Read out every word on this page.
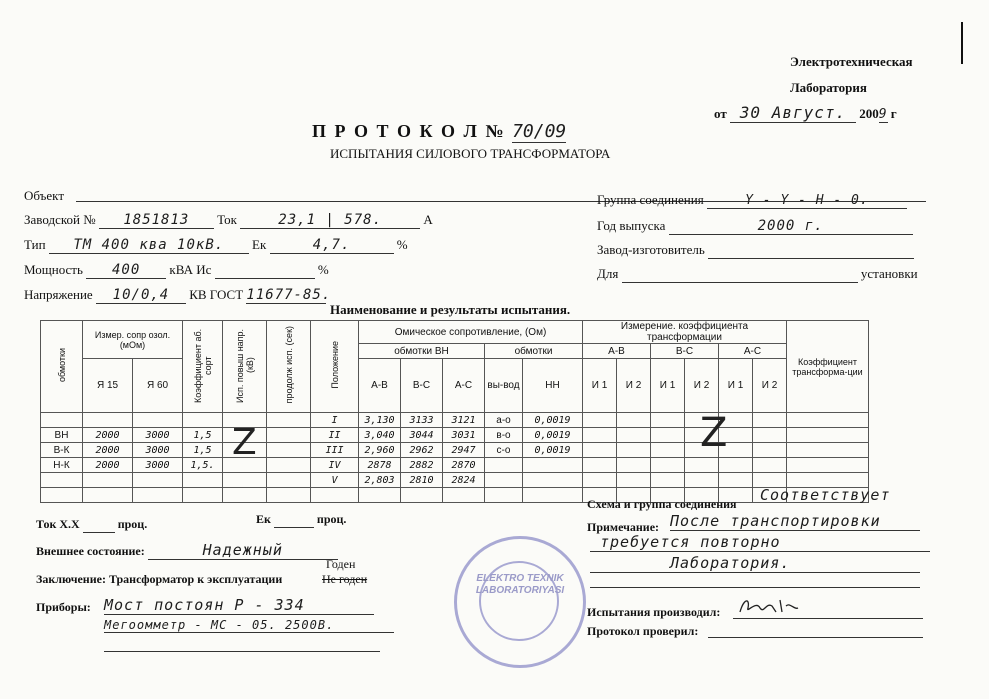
Электротехническая
Лаборатория
от 30 Август. 2009 г
П Р О Т О К О Л № 70/09
ИСПЫТАНИЯ СИЛОВОГО ТРАНСФОРМАТОРА
Объект
Заводской № 1851813 Ток	23,1 | 578.	А
Тип ТМ 400 ква 10кВ. Ек	4,7.	%
Мощность 400 кВА Ис	%
Напряжение 10/0,4 КВ ГОСТ 11677-85.
Группа соединения	Y - Y - H - 0.
Год выпуска	2000 г.
Завод-изготовитель
Для	установки
Наименование и результаты испытания.
обмотки	Измер. сопр озол.(мОм)		Коэффициент аб. сорт	Исп. повыш напр. (кВ)	продолж исп. (сек)	Положение	Омическое сопротивление, (Ом)					Измерение. коэффициента трансформации						Коэффициент трансформа-ции
							обмотки ВН			обмотки		А-В		В-С		А-С		
	Я 15	Я 60					А-В	В-С	А-С	вы-вод	НН	И 1	И 2	И 1	И 2	И 1	И 2	
						I	3,130	3133	3121	а-о	0,0019							
ВН	2000	3000	1,5			II	3,040	3044	3031	в-о	0,0019							
В-К	2000	3000	1,5			III	2,960	2962	2947	с-о	0,0019							
Н-К	2000	3000	1,5.			IV	2878	2882	2870									
						V	2,803	2810	2824									

Z	Z
Ток Х.Х	проц.	Ек	проц.
Внешнее состояние:	Надежный
Годен
Заключение: Трансформатор к эксплуатации	Не годен
Приборы: Мост постоян Р - 334
Мегоомметр - МС - 05. 2500В.
ELEKTRO TEXNIK LABORATORIYASI
Схема и группа соединения Соответствует
Примечание: После транспортировки
требуется повторно
Лаборатория.
Испытания производил:
Протокол проверил:
